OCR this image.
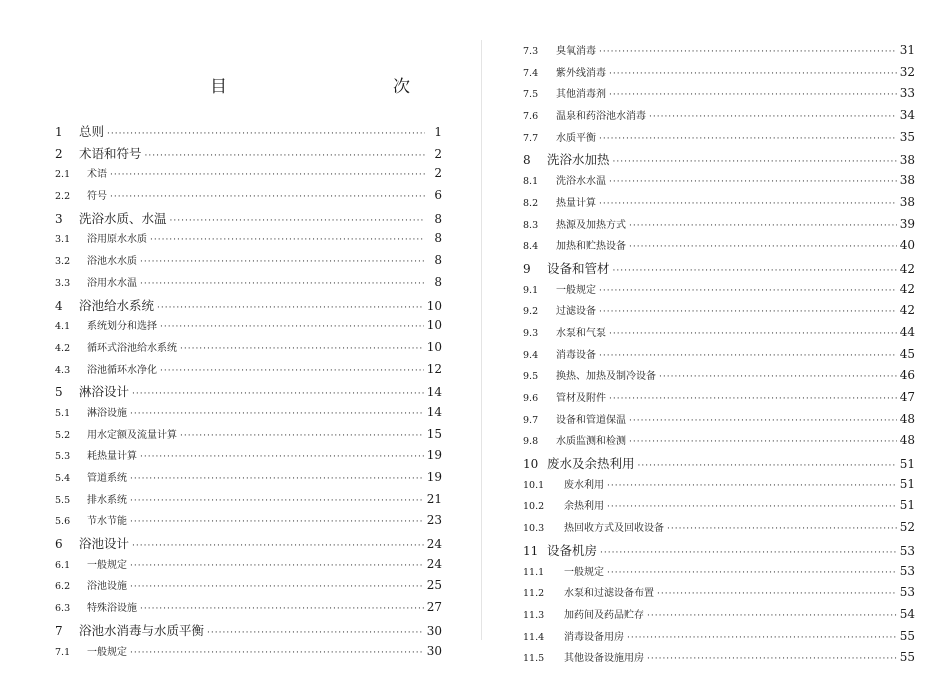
目　　次
1	总则 ·····	1
2	术语和符号 ·····	2
2.1	术语 ·····	2
2.2	符号 ·····	6
3	洗浴水质、水温 ·····	8
3.1	浴用原水水质 ·····	8
3.2	浴池水水质 ·····	8
3.3	浴用水水温 ·····	8
4	浴池给水系统 ·····	10
4.1	系统划分和选择 ·····	10
4.2	循环式浴池给水系统 ·····	10
4.3	浴池循环水净化 ·····	12
5	淋浴设计 ·····	14
5.1	淋浴设施 ·····	14
5.2	用水定额及流量计算 ·····	15
5.3	耗热量计算 ·····	19
5.4	管道系统 ·····	19
5.5	排水系统 ·····	21
5.6	节水节能 ·····	23
6	浴池设计 ·····	24
6.1	一般规定 ·····	24
6.2	浴池设施 ·····	25
6.3	特殊浴设施 ·····	27
7	浴池水消毒与水质平衡 ·····	30
7.1	一般规定 ·····	30
7.3	臭氧消毒 ·····	31
7.4	紫外线消毒 ·····	32
7.5	其他消毒剂 ·····	33
7.6	温泉和药浴池水消毒 ·····	34
7.7	水质平衡 ·····	35
8	洗浴水加热 ·····	38
8.1	洗浴水水温 ·····	38
8.2	热量计算 ·····	38
8.3	热源及加热方式 ·····	39
8.4	加热和贮热设备 ·····	40
9	设备和管材 ·····	42
9.1	一般规定 ·····	42
9.2	过滤设备 ·····	42
9.3	水泵和气泵 ·····	44
9.4	消毒设备 ·····	45
9.5	换热、加热及制冷设备 ·····	46
9.6	管材及附件 ·····	47
9.7	设备和管道保温 ·····	48
9.8	水质监测和检测 ·····	48
10 废水及余热利用 ·····	51
10.1	废水利用 ·····	51
10.2	余热利用 ·····	51
10.3	热回收方式及回收设备 ·····	52
11 设备机房 ·····	53
11.1	一般规定 ·····	53
11.2	水泵和过滤设备布置 ·····	53
11.3	加药间及药品贮存 ·····	54
11.4	消毒设备用房 ·····	55
11.5	其他设备设施用房 ·····	55
